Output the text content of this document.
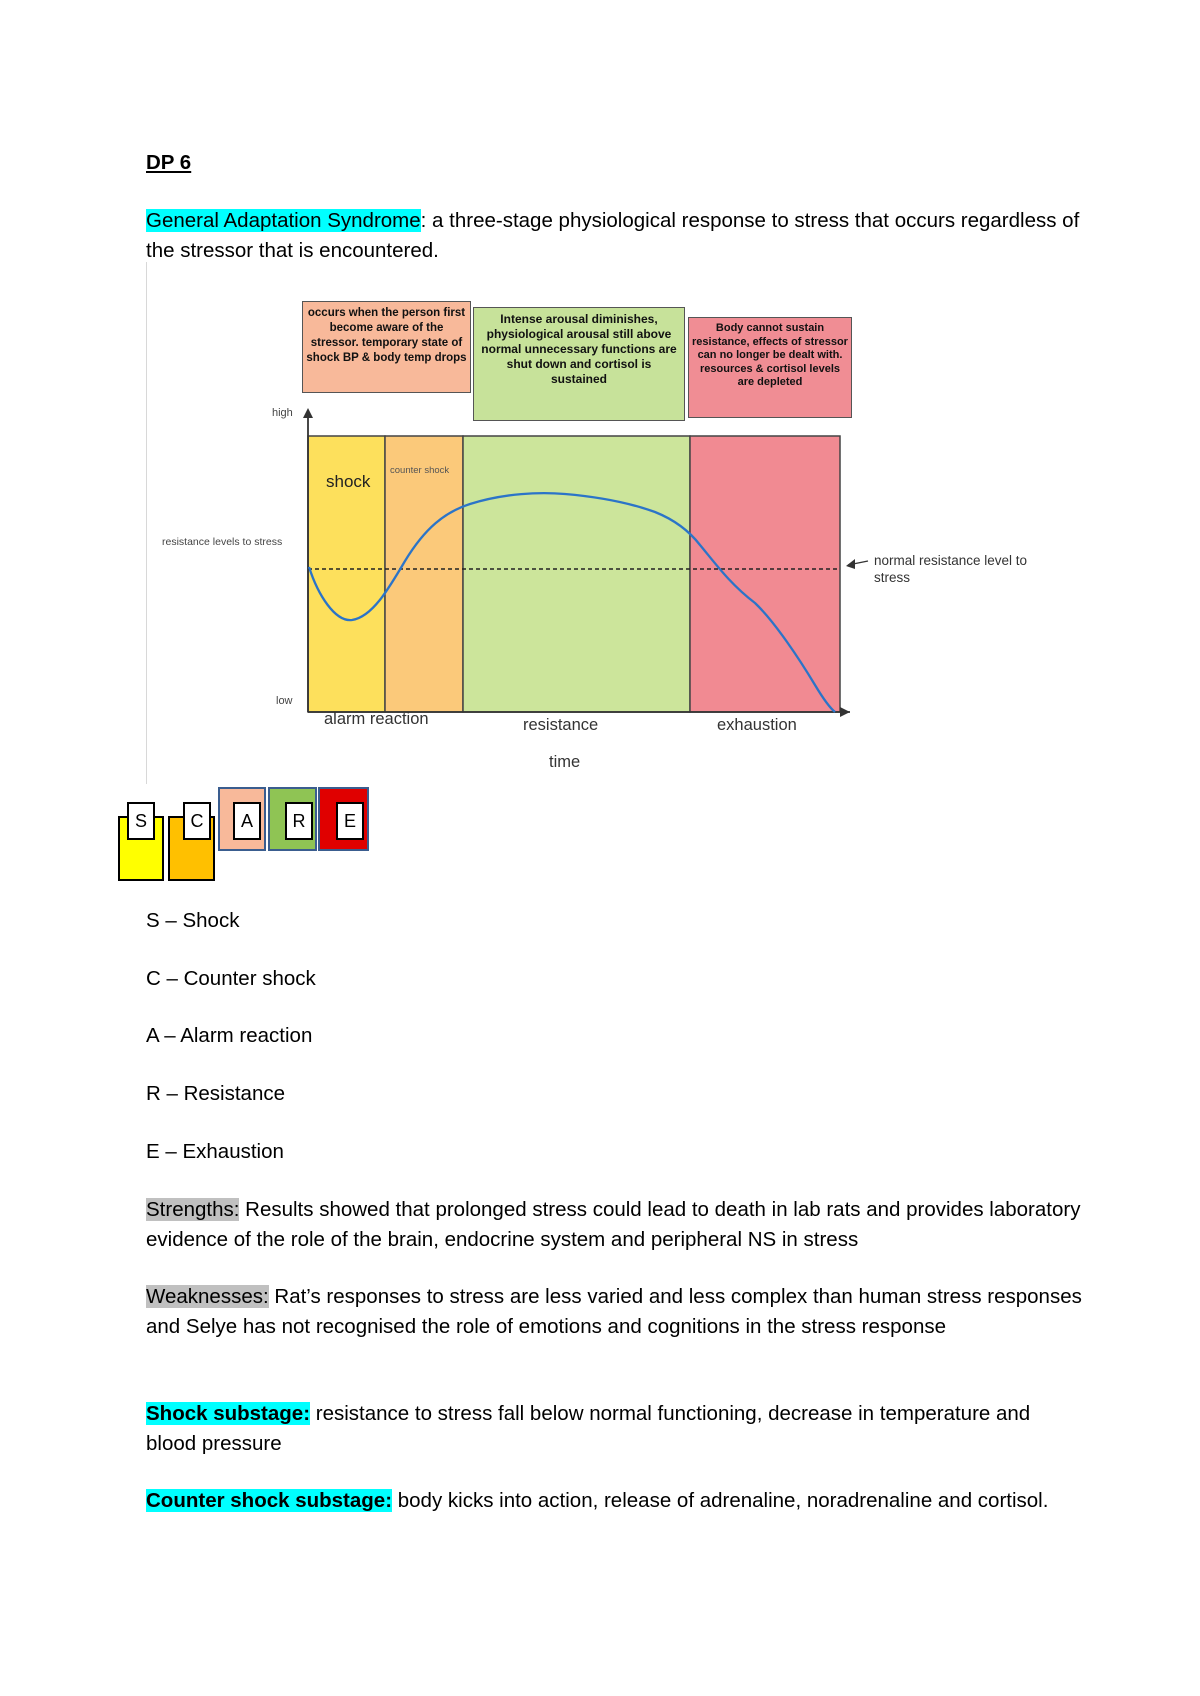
DP 6
General Adaptation Syndrome: a three-stage physiological response to stress that occurs regardless of the stressor that is encountered.
occurs when the person first become aware of the stressor. temporary state of shock BP & body temp drops
Intense arousal diminishes, physiological arousal still above normal unnecessary functions are shut down and cortisol is sustained
Body cannot sustain resistance, effects of stressor can no longer be dealt with. resources & cortisol levels are depleted
high
low
resistance levels to stress
shock
counter shock
normal resistance level to stress
alarm reaction	resistance	exhaustion
time
S	C	A	R	E
S – Shock
C – Counter shock
A – Alarm reaction
R – Resistance
E – Exhaustion
Strengths: Results showed that prolonged stress could lead to death in lab rats and provides laboratory evidence of the role of the brain, endocrine system and peripheral NS in stress
Weaknesses: Rat’s responses to stress are less varied and less complex than human stress responses and Selye has not recognised the role of emotions and cognitions in the stress response
Shock substage: resistance to stress fall below normal functioning, decrease in temperature and blood pressure
Counter shock substage: body kicks into action, release of adrenaline, noradrenaline and cortisol.
